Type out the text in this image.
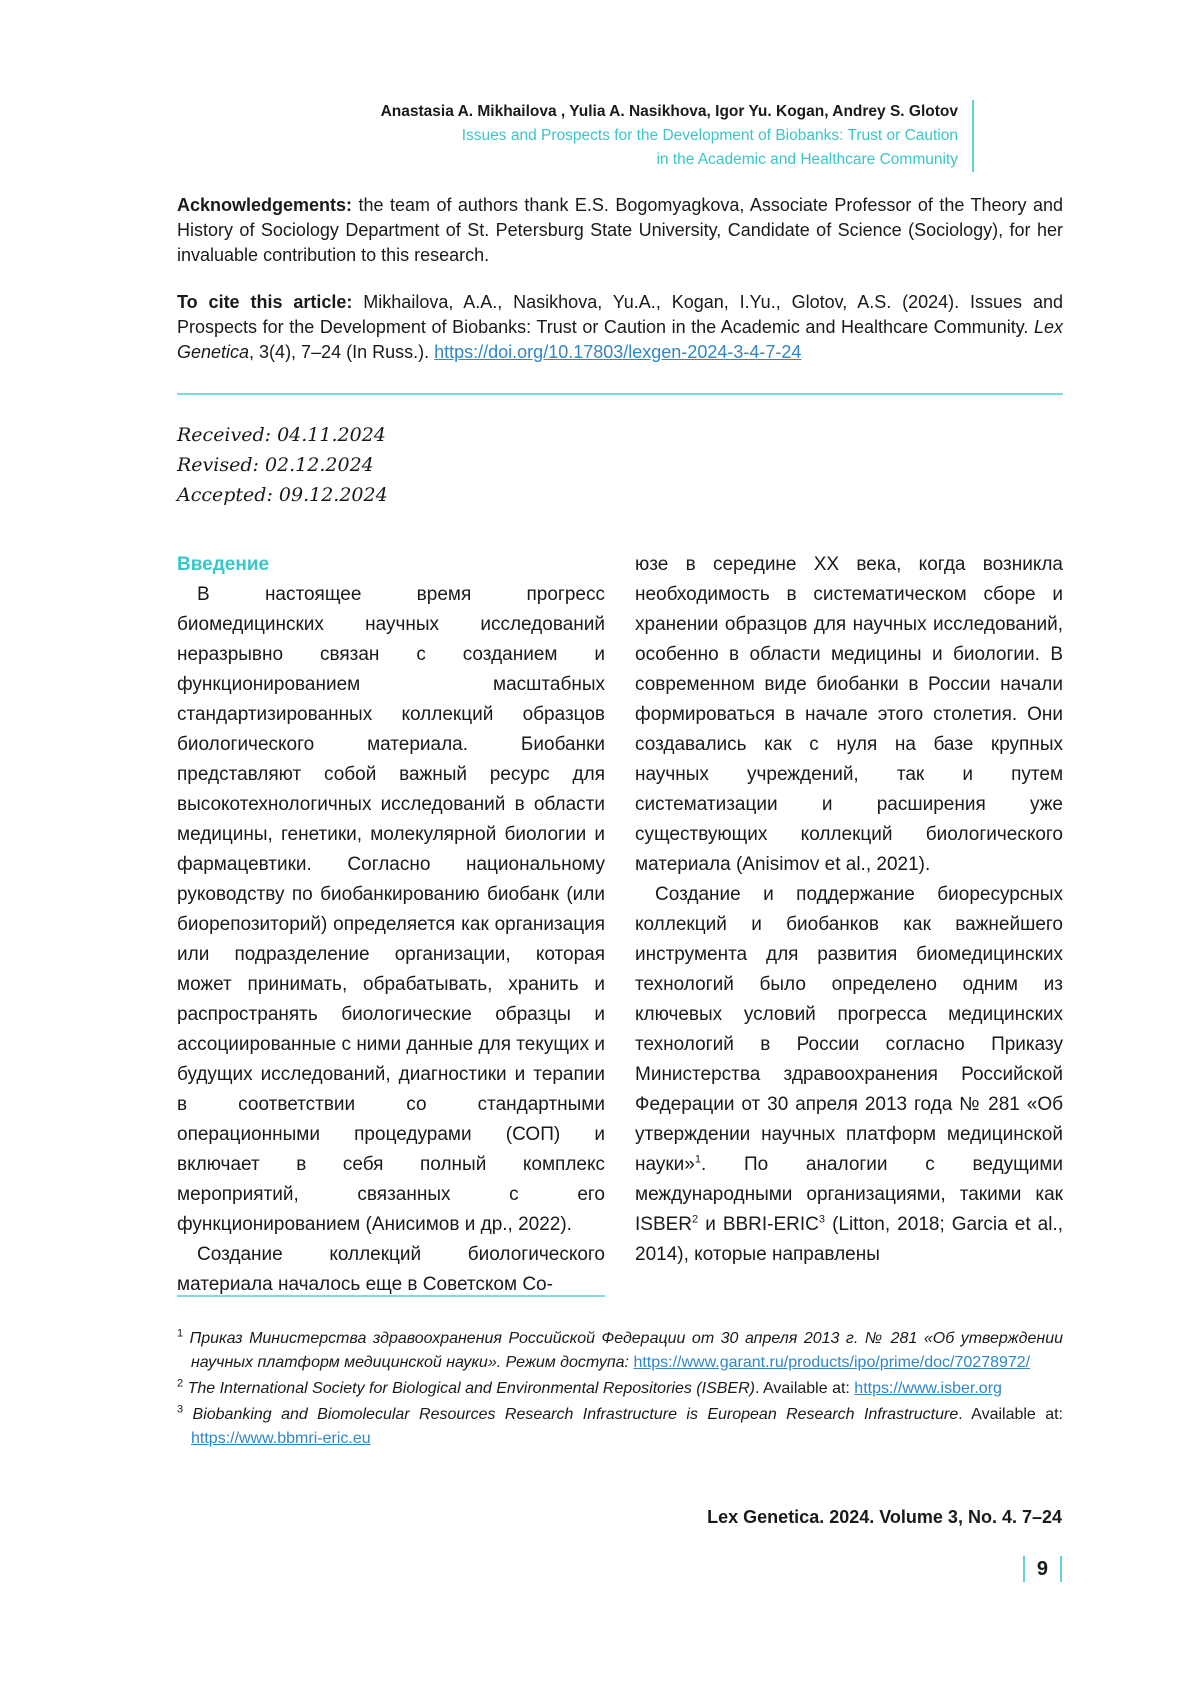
Anastasia A. Mikhailova , Yulia A. Nasikhova, Igor Yu. Kogan, Andrey S. Glotov
Issues and Prospects for the Development of Biobanks: Trust or Caution
in the Academic and Healthcare Community
Acknowledgements: the team of authors thank E.S. Bogomyagkova, Associate Professor of the Theory and History of Sociology Department of St. Petersburg State University, Candidate of Science (Sociology), for her invaluable contribution to this research.
To cite this article: Mikhailova, A.A., Nasikhova, Yu.A., Kogan, I.Yu., Glotov, A.S. (2024). Issues and Prospects for the Development of Biobanks: Trust or Caution in the Academic and Healthcare Community. Lex Genetica, 3(4), 7–24 (In Russ.). https://doi.org/10.17803/lexgen-2024-3-4-7-24
Received: 04.11.2024
Revised: 02.12.2024
Accepted: 09.12.2024
Введение

В настоящее время прогресс биомедицинских научных исследований неразрывно связан с созданием и функционированием масштабных стандартизированных коллекций образцов биологического материала. Биобанки представляют собой важный ресурс для высокотехнологичных исследований в области медицины, генетики, молекулярной биологии и фармацевтики. Согласно национальному руководству по биобанкированию биобанк (или биорепозиторий) определяется как организация или подразделение организации, которая может принимать, обрабатывать, хранить и распространять биологические образцы и ассоциированные с ними данные для текущих и будущих исследований, диагностики и терапии в соответствии со стандартными операционными процедурами (СОП) и включает в себя полный комплекс мероприятий, связанных с его функционированием (Анисимов и др., 2022).

Создание коллекций биологического материала началось еще в Советском Со-

юзе в середине XX века, когда возникла необходимость в систематическом сборе и хранении образцов для научных исследований, особенно в области медицины и биологии. В современном виде биобанки в России начали формироваться в начале этого столетия. Они создавались как с нуля на базе крупных научных учреждений, так и путем систематизации и расширения уже существующих коллекций биологического материала (Anisimov et al., 2021).

Создание и поддержание биоресурсных коллекций и биобанков как важнейшего инструмента для развития биомедицинских технологий было определено одним из ключевых условий прогресса медицинских технологий в России согласно Приказу Министерства здравоохранения Российской Федерации от 30 апреля 2013 года № 281 «Об утверждении научных платформ медицинской науки»$^1$. По аналогии с ведущими международными организациями, такими как ISBER$^2$ и BBRI-ERIC$^3$ (Litton, 2018; Garcia et al., 2014), которые направлены

$^1$ Приказ Министерства здравоохранения Российской Федерации от 30 апреля 2013 г. № 281 «Об утверждении научных платформ медицинской науки». Режим доступа: https://www.garant.ru/products/ipo/prime/doc/70278972/

$^2$ The International Society for Biological and Environmental Repositories (ISBER). Available at: https://www.isber.org

$^3$ Biobanking and Biomolecular Resources Research Infrastructure is European Research Infrastructure. Available at: https://www.bbmri-eric.eu

Lex Genetica. 2024. Volume 3, No. 4. 7–24
9
